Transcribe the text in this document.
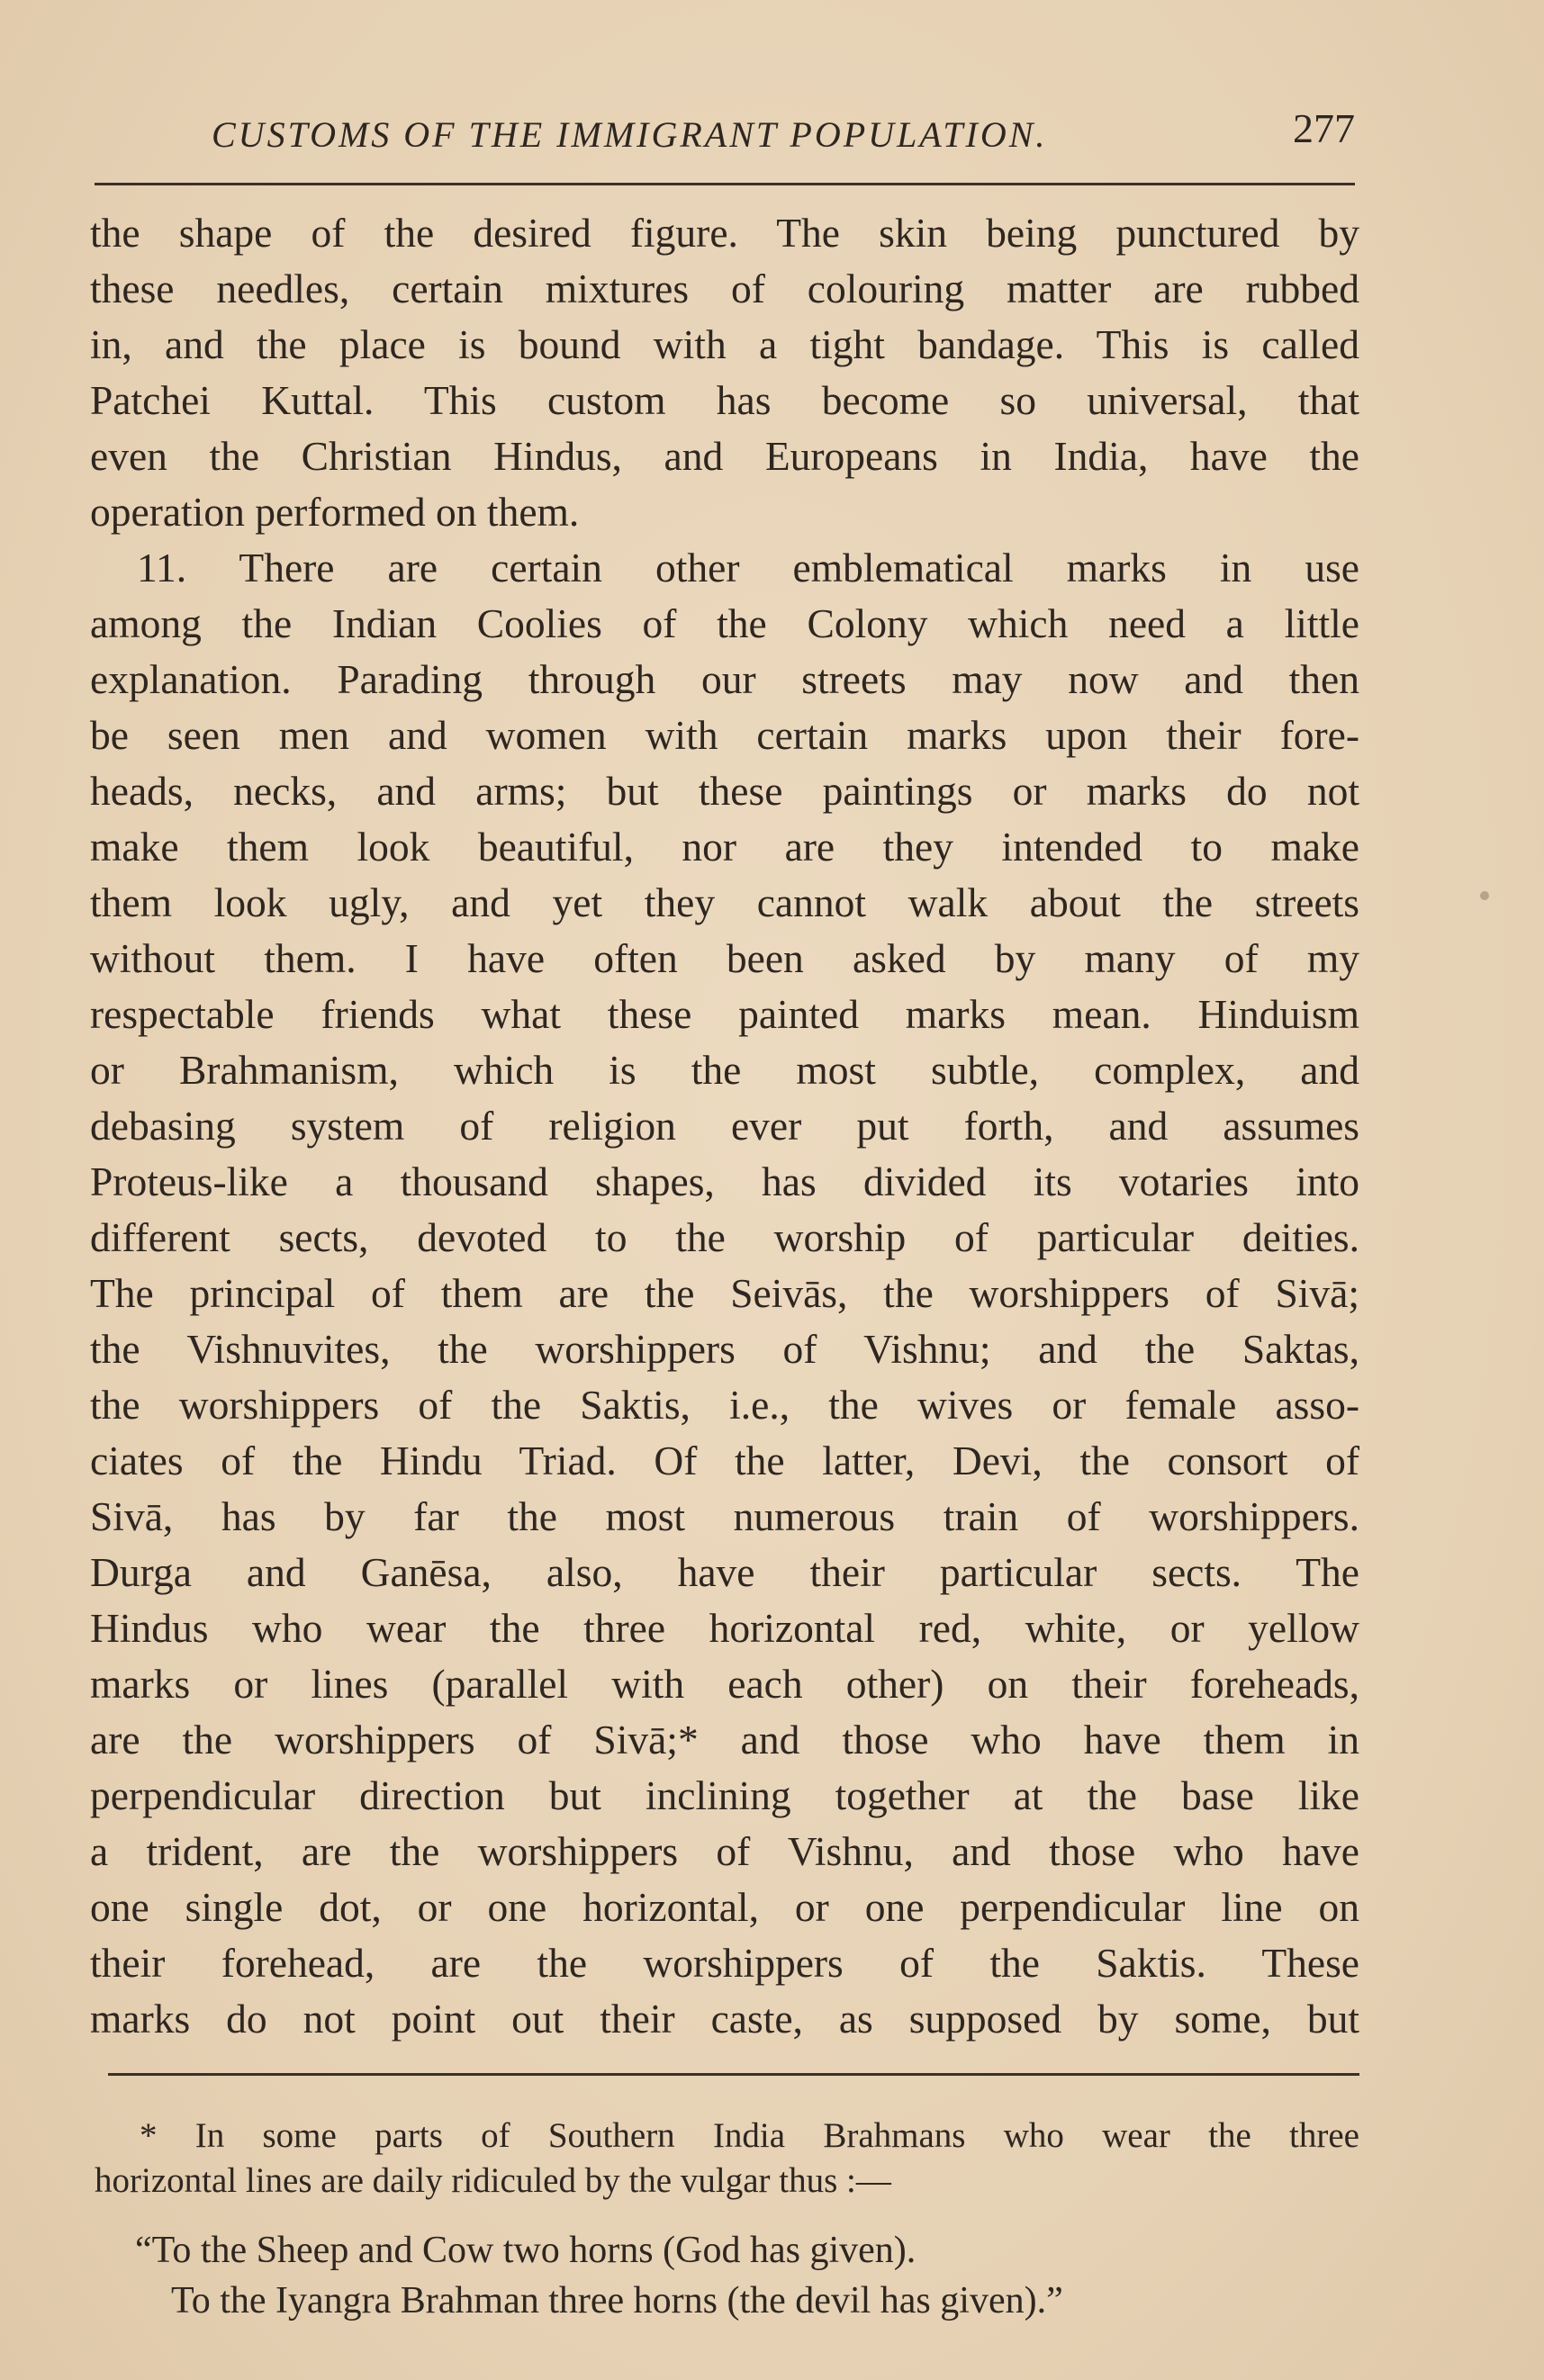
CUSTOMS OF THE IMMIGRANT POPULATION.	277
the shape of the desired figure. The skin being punctured by
these needles, certain mixtures of colouring matter are rubbed
in, and the place is bound with a tight bandage. This is called
Patchei Kuttal. This custom has become so universal, that
even the Christian Hindus, and Europeans in India, have the
operation performed on them.
11. There are certain other emblematical marks in use
among the Indian Coolies of the Colony which need a little
explanation. Parading through our streets may now and then
be seen men and women with certain marks upon their fore-
heads, necks, and arms; but these paintings or marks do not
make them look beautiful, nor are they intended to make
them look ugly, and yet they cannot walk about the streets
without them. I have often been asked by many of my
respectable friends what these painted marks mean. Hinduism
or Brahmanism, which is the most subtle, complex, and
debasing system of religion ever put forth, and assumes
Proteus-like a thousand shapes, has divided its votaries into
different sects, devoted to the worship of particular deities.
The principal of them are the Seivās, the worshippers of Sivā;
the Vishnuvites, the worshippers of Vishnu; and the Saktas,
the worshippers of the Saktis, i.e., the wives or female asso-
ciates of the Hindu Triad. Of the latter, Devi, the consort of
Sivā, has by far the most numerous train of worshippers.
Durga and Ganēsa, also, have their particular sects. The
Hindus who wear the three horizontal red, white, or yellow
marks or lines (parallel with each other) on their foreheads,
are the worshippers of Sivā;* and those who have them in
perpendicular direction but inclining together at the base like
a trident, are the worshippers of Vishnu, and those who have
one single dot, or one horizontal, or one perpendicular line on
their forehead, are the worshippers of the Saktis. These
marks do not point out their caste, as supposed by some, but
* In some parts of Southern India Brahmans who wear the three
horizontal lines are daily ridiculed by the vulgar thus :—
“To the Sheep and Cow two horns (God has given).
To the Iyangra Brahman three horns (the devil has given).”
